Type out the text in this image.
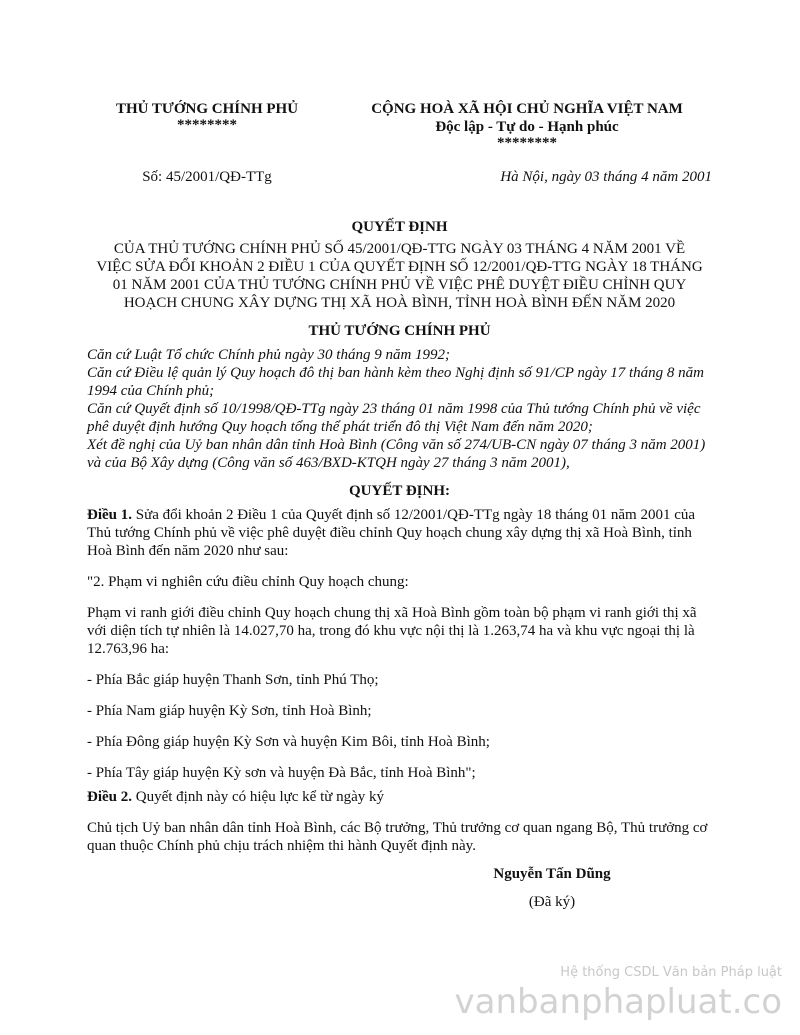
THỦ TƯỚNG CHÍNH PHỦ
********
CỘNG HOÀ XÃ HỘI CHỦ NGHĨA VIỆT NAM
Độc lập - Tự do - Hạnh phúc
********
Số: 45/2001/QĐ-TTg	Hà Nội, ngày 03 tháng 4 năm 2001
QUYẾT ĐỊNH
CỦA THỦ TƯỚNG CHÍNH PHỦ SỐ 45/2001/QĐ-TTG NGÀY 03 THÁNG 4 NĂM 2001 VỀ VIỆC SỬA ĐỔI KHOẢN 2 ĐIỀU 1 CỦA QUYẾT ĐỊNH SỐ 12/2001/QĐ-TTG NGÀY 18 THÁNG 01 NĂM 2001 CỦA THỦ TƯỚNG CHÍNH PHỦ VỀ VIỆC PHÊ DUYỆT ĐIỀU CHỈNH QUY HOẠCH CHUNG XÂY DỰNG THỊ XÃ HOÀ BÌNH, TỈNH HOÀ BÌNH ĐẾN NĂM 2020
THỦ TƯỚNG CHÍNH PHỦ

Căn cứ Luật Tổ chức Chính phủ ngày 30 tháng 9 năm 1992;

Căn cứ Điều lệ quản lý Quy hoạch đô thị ban hành kèm theo Nghị định số 91/CP ngày 17 tháng 8 năm 1994 của Chính phủ;

Căn cứ Quyết định số 10/1998/QĐ-TTg ngày 23 tháng 01 năm 1998 của Thủ tướng Chính phủ về việc phê duyệt định hướng Quy hoạch tổng thể phát triển đô thị Việt Nam đến năm 2020;

Xét đề nghị của Uỷ ban nhân dân tỉnh Hoà Bình (Công văn số 274/UB-CN ngày 07 tháng 3 năm 2001) và của Bộ Xây dựng (Công văn số 463/BXD-KTQH ngày 27 tháng 3 năm 2001),

QUYẾT ĐỊNH:

Điều 1. Sửa đổi khoản 2 Điều 1 của Quyết định số 12/2001/QĐ-TTg ngày 18 tháng 01 năm 2001 của Thủ tướng Chính phủ về việc phê duyệt điều chỉnh Quy hoạch chung xây dựng thị xã Hoà Bình, tỉnh Hoà Bình đến năm 2020 như sau:

"2. Phạm vi nghiên cứu điều chỉnh Quy hoạch chung:

Phạm vi ranh giới điều chỉnh Quy hoạch chung thị xã Hoà Bình gồm toàn bộ phạm vi ranh giới thị xã với diện tích tự nhiên là 14.027,70 ha, trong đó khu vực nội thị là 1.263,74 ha và khu vực ngoại thị là 12.763,96 ha:

- Phía Bắc giáp huyện Thanh Sơn, tỉnh Phú Thọ;

- Phía Nam giáp huyện Kỳ Sơn, tỉnh Hoà Bình;

- Phía Đông giáp huyện Kỳ Sơn và huyện Kim Bôi, tỉnh Hoà Bình;

- Phía Tây giáp huyện Kỳ sơn và huyện Đà Bắc, tỉnh Hoà Bình";

Điều 2. Quyết định này có hiệu lực kể từ ngày ký

Chủ tịch Uỷ ban nhân dân tỉnh Hoà Bình, các Bộ trưởng, Thủ trưởng cơ quan ngang Bộ, Thủ trưởng cơ quan thuộc Chính phủ chịu trách nhiệm thi hành Quyết định này.

Nguyễn Tấn Dũng
(Đã ký)
Hệ thống CSDL Văn bản Pháp luật
vanbanphapluat.co
